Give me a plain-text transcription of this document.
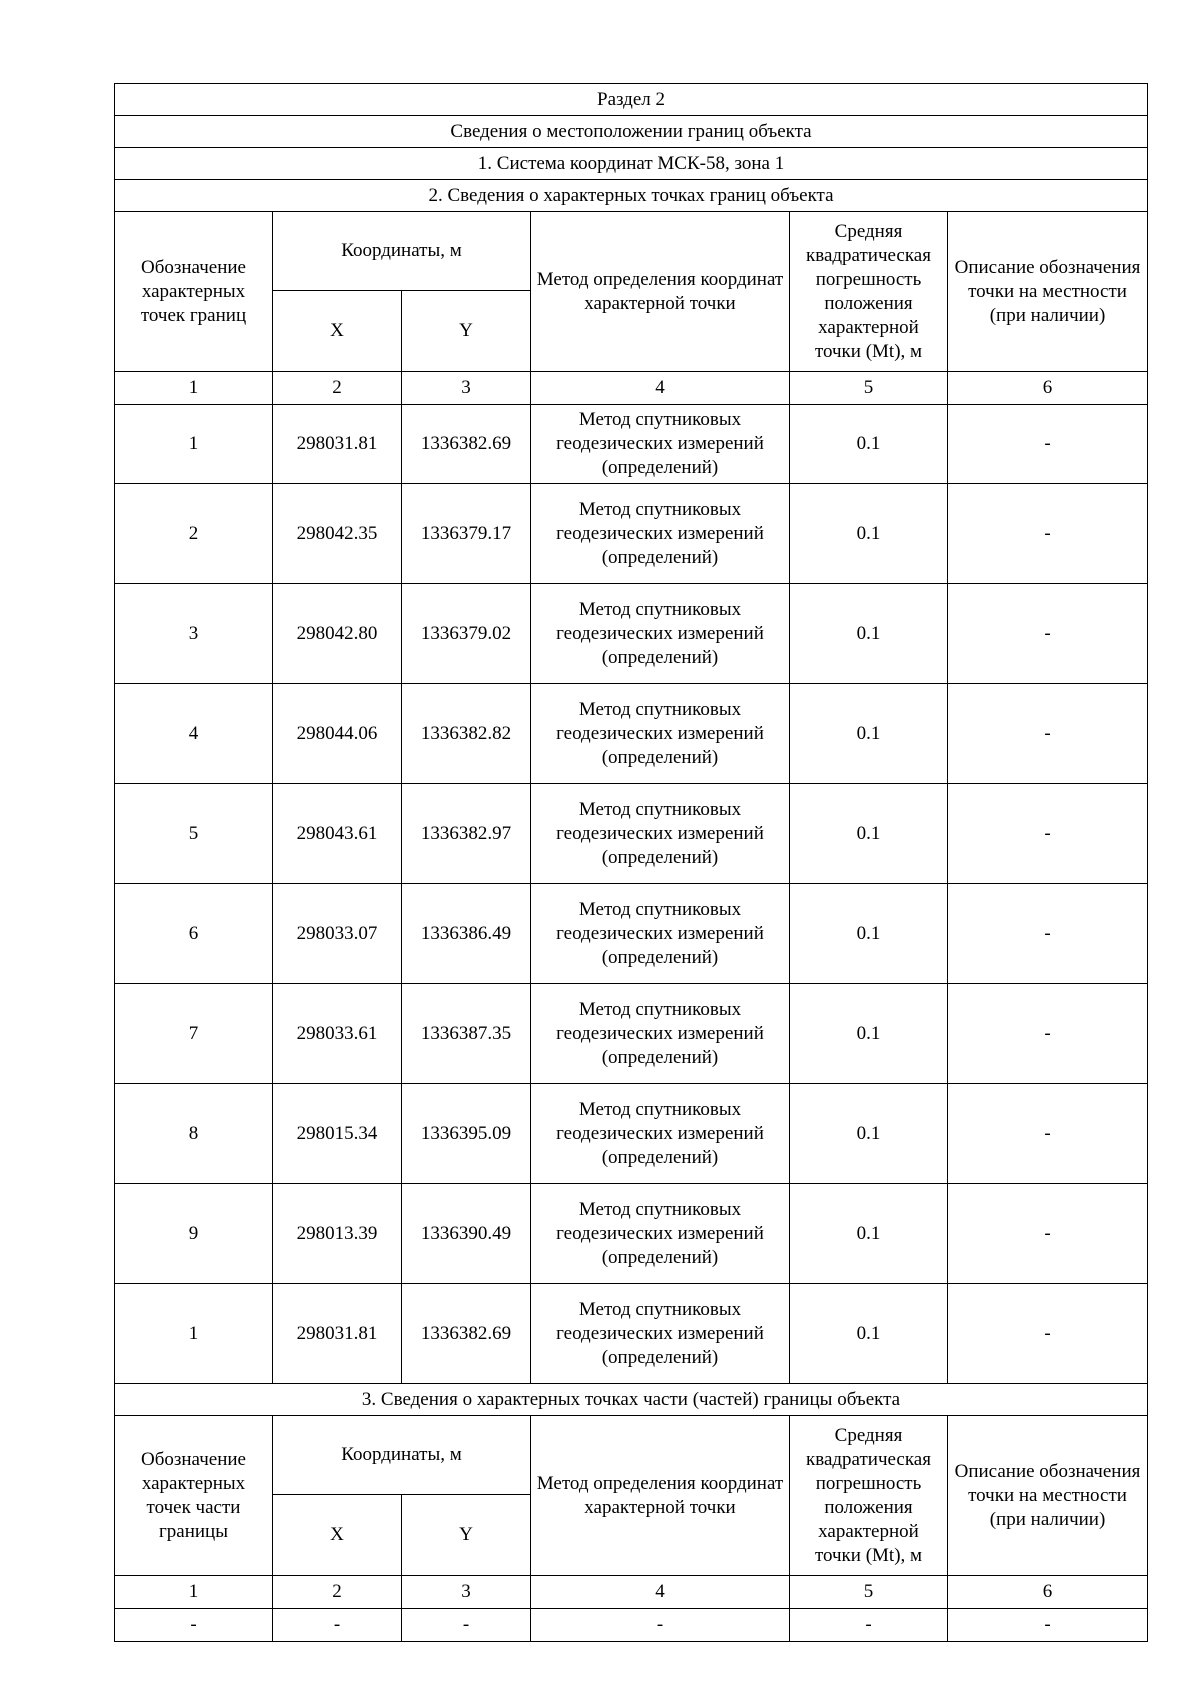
Раздел 2					
Сведения о местоположении границ объекта					
1. Система координат МСК-58, зона 1					
2. Сведения о характерных точках границ объекта					
Обозначение характерных точек границ	Координаты, м		Метод определения координат характерной точки	Средняя квадратическая погрешность положения характерной точки (Mt), м	Описание обозначения точки на местности (при наличии)
	X	Y			
1	2	3	4	5	6
1	298031.81	1336382.69	Метод спутниковых геодезических измерений (определений)	0.1	-
2	298042.35	1336379.17	Метод спутниковых геодезических измерений (определений)	0.1	-
3	298042.80	1336379.02	Метод спутниковых геодезических измерений (определений)	0.1	-
4	298044.06	1336382.82	Метод спутниковых геодезических измерений (определений)	0.1	-
5	298043.61	1336382.97	Метод спутниковых геодезических измерений (определений)	0.1	-
6	298033.07	1336386.49	Метод спутниковых геодезических измерений (определений)	0.1	-
7	298033.61	1336387.35	Метод спутниковых геодезических измерений (определений)	0.1	-
8	298015.34	1336395.09	Метод спутниковых геодезических измерений (определений)	0.1	-
9	298013.39	1336390.49	Метод спутниковых геодезических измерений (определений)	0.1	-
1	298031.81	1336382.69	Метод спутниковых геодезических измерений (определений)	0.1	-
3. Сведения о характерных точках части (частей) границы объекта					
Обозначение характерных точек части границы	Координаты, м		Метод определения координат характерной точки	Средняя квадратическая погрешность положения характерной точки (Mt), м	Описание обозначения точки на местности (при наличии)
	X	Y			
1	2	3	4	5	6
-	-	-	-	-	-
